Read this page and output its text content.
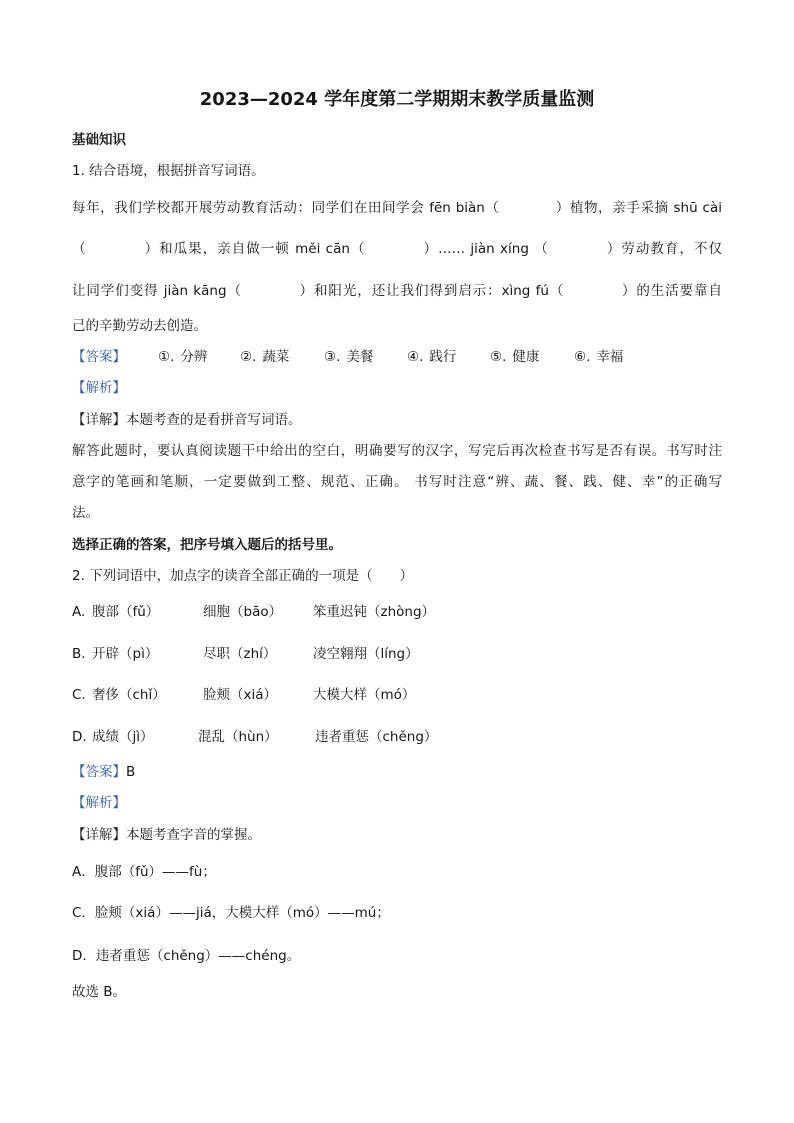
2023—2024 学年度第二学期期末教学质量监测
基础知识
1. 结合语境，根据拼音写词语。
每年，我们学校都开展劳动教育活动：同学们在田间学会 fēn biàn（　　　　）植物，亲手采摘 shū cài
（　　　　）和瓜果，亲自做一顿 měi cān（　　　　）…… jiàn xíng （　　　　）劳动教育，不仅
让同学们变得 jiàn kāng（　　　　）和阳光，还让我们得到启示：xìng fú（　　　　）的生活要靠自
己的辛勤劳动去创造。
【答案】 ①. 分辨 ②. 蔬菜	③. 美餐 ④. 践行 ⑤. 健康	⑥. 幸福
【解析】
【详解】本题考查的是看拼音写词语。
解答此题时，要认真阅读题干中给出的空白，明确要写的汉字，写完后再次检查书写是否有误。书写时注
意字的笔画和笔顺，一定要做到工整、规范、正确。 书写时注意“辨、蔬、餐、践、健、幸”的正确写
法。
选择正确的答案，把序号填入题后的括号里。
2. 下列词语中，加点字的读音全部正确的一项是（　　）
A. 腹部（fǔ）	细胞（bāo） 笨重迟钝（zhòng）
B. 开辟（pì）	尽职（zhí）	凌空翱翔（líng）
C. 奢侈（chǐ）	脸颊（xiá）	大模大样（mó）
D. 成绩（jì）	混乱（hùn）	违者重惩（chěng）
【答案】B
【解析】
【详解】本题考查字音的掌握。
A．腹部（fǔ）——fù；
C．脸颊（xiá）——jiá，大模大样（mó）——mú；
D．违者重惩（chěng）——chéng。
故选 B。
